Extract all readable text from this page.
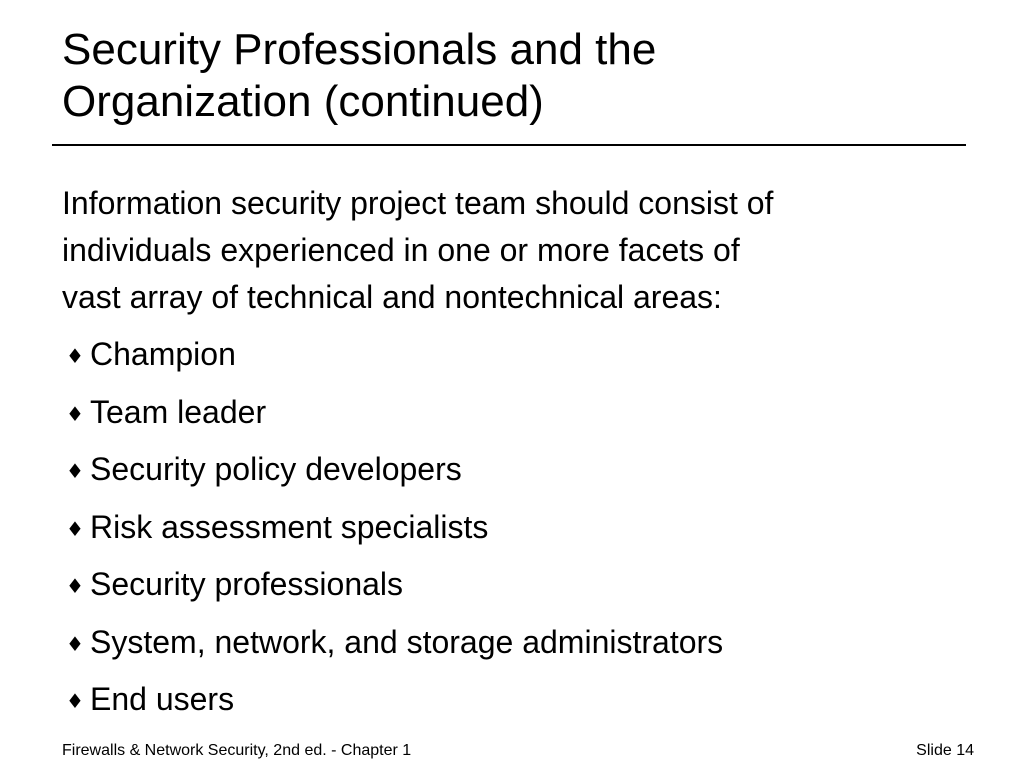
Security Professionals and the
Organization (continued)

Information security project team should consist of
individuals experienced in one or more facets of
vast array of technical and nontechnical areas:

♦ Champion
♦ Team leader
♦ Security policy developers
♦ Risk assessment specialists
♦ Security professionals
♦ System, network, and storage administrators
♦ End users
Firewalls & Network Security, 2nd ed. - Chapter 1	Slide 14
